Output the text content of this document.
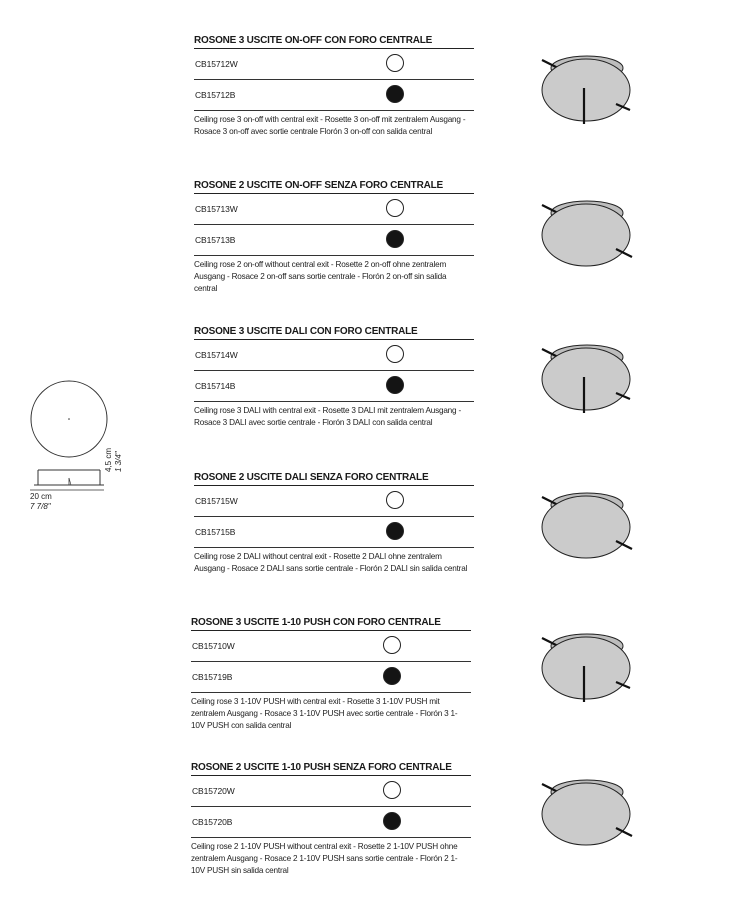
20 cm
7 7/8"
4,5 cm 1 3/4"
ROSONE 3 USCITE ON-OFF CON FORO CENTRALE
CB15712W
CB15712B
Ceiling rose 3 on-off with central exit - Rosette 3 on-off mit zentralem Ausgang - Rosace 3 on-off avec sortie centrale Florón 3 on-off con salida central
ROSONE 2 USCITE ON-OFF SENZA FORO CENTRALE
CB15713W
CB15713B
Ceiling rose 2 on-off without central exit - Rosette 2 on-off ohne zentralem Ausgang - Rosace 2 on-off sans sortie centrale - Florón 2 on-off sin salida central
ROSONE 3 USCITE DALI CON FORO CENTRALE
CB15714W
CB15714B
Ceiling rose 3 DALI with central exit - Rosette 3 DALI mit zentralem Ausgang - Rosace 3 DALI avec sortie centrale - Florón 3 DALI con salida central
ROSONE 2 USCITE DALI SENZA FORO CENTRALE
CB15715W
CB15715B
Ceiling rose 2 DALI without central exit - Rosette 2 DALI ohne zentralem Ausgang - Rosace 2 DALI sans sortie centrale - Florón 2 DALI sin salida central
ROSONE 3 USCITE 1-10 PUSH CON FORO CENTRALE
CB15710W
CB15719B
Ceiling rose 3 1-10V PUSH with central exit - Rosette 3 1-10V PUSH mit zentralem Ausgang - Rosace 3 1-10V PUSH avec sortie centrale - Florón 3 1-10V PUSH con salida central
ROSONE 2 USCITE 1-10 PUSH SENZA FORO CENTRALE
CB15720W
CB15720B
Ceiling rose 2 1-10V PUSH without central exit - Rosette 2 1-10V PUSH ohne zentralem Ausgang - Rosace 2 1-10V PUSH sans sortie centrale - Florón 2 1-10V PUSH sin salida central
